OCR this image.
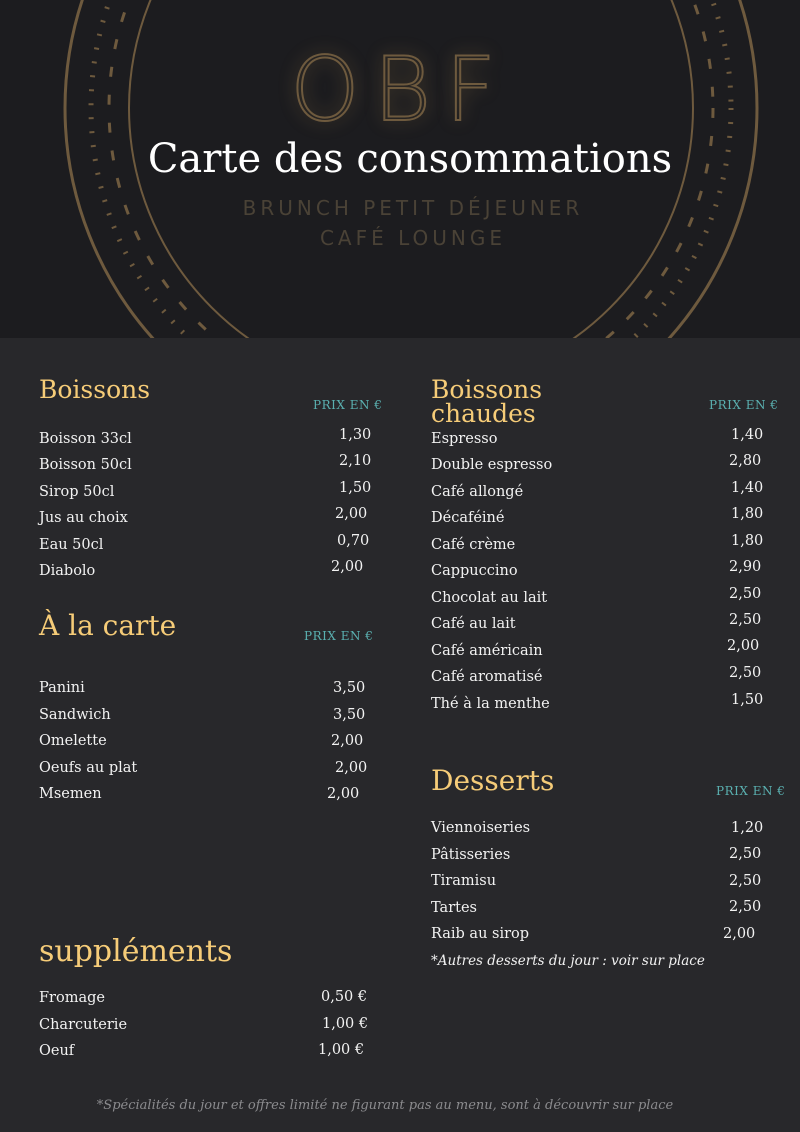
OBF
Carte des consommations
BRUNCH PETIT DÉJEUNER
CAFÉ LOUNGE
Boissons
PRIX EN €
Boisson 33cl	1,30
Boisson 50cl	2,10
Sirop 50cl	1,50
Jus au choix	2,00
Eau 50cl	0,70
Diabolo	2,00
À la carte	PRIX EN €
Panini	3,50
Sandwich	3,50
Omelette	2,00
Oeufs au plat	2,00
Msemen	2,00
suppléments
Fromage	0,50 €
Charcuterie	1,00 €
Oeuf	1,00 €
Boissons
chaudes	PRIX EN €
Espresso	1,40
Double espresso	2,80
Café allongé	1,40
Décaféiné	1,80
Café crème	1,80
Cappuccino	2,90
Chocolat au lait	2,50
Café au lait	2,50
Café américain	2,00
Café aromatisé	2,50
Thé à la menthe	1,50
Desserts	PRIX EN €
Viennoiseries	1,20
Pâtisseries	2,50
Tiramisu	2,50
Tartes	2,50
Raib au sirop	2,00
*Autres desserts du jour : voir sur place
*Spécialités du jour et offres limité ne figurant pas au menu, sont à découvrir sur place
